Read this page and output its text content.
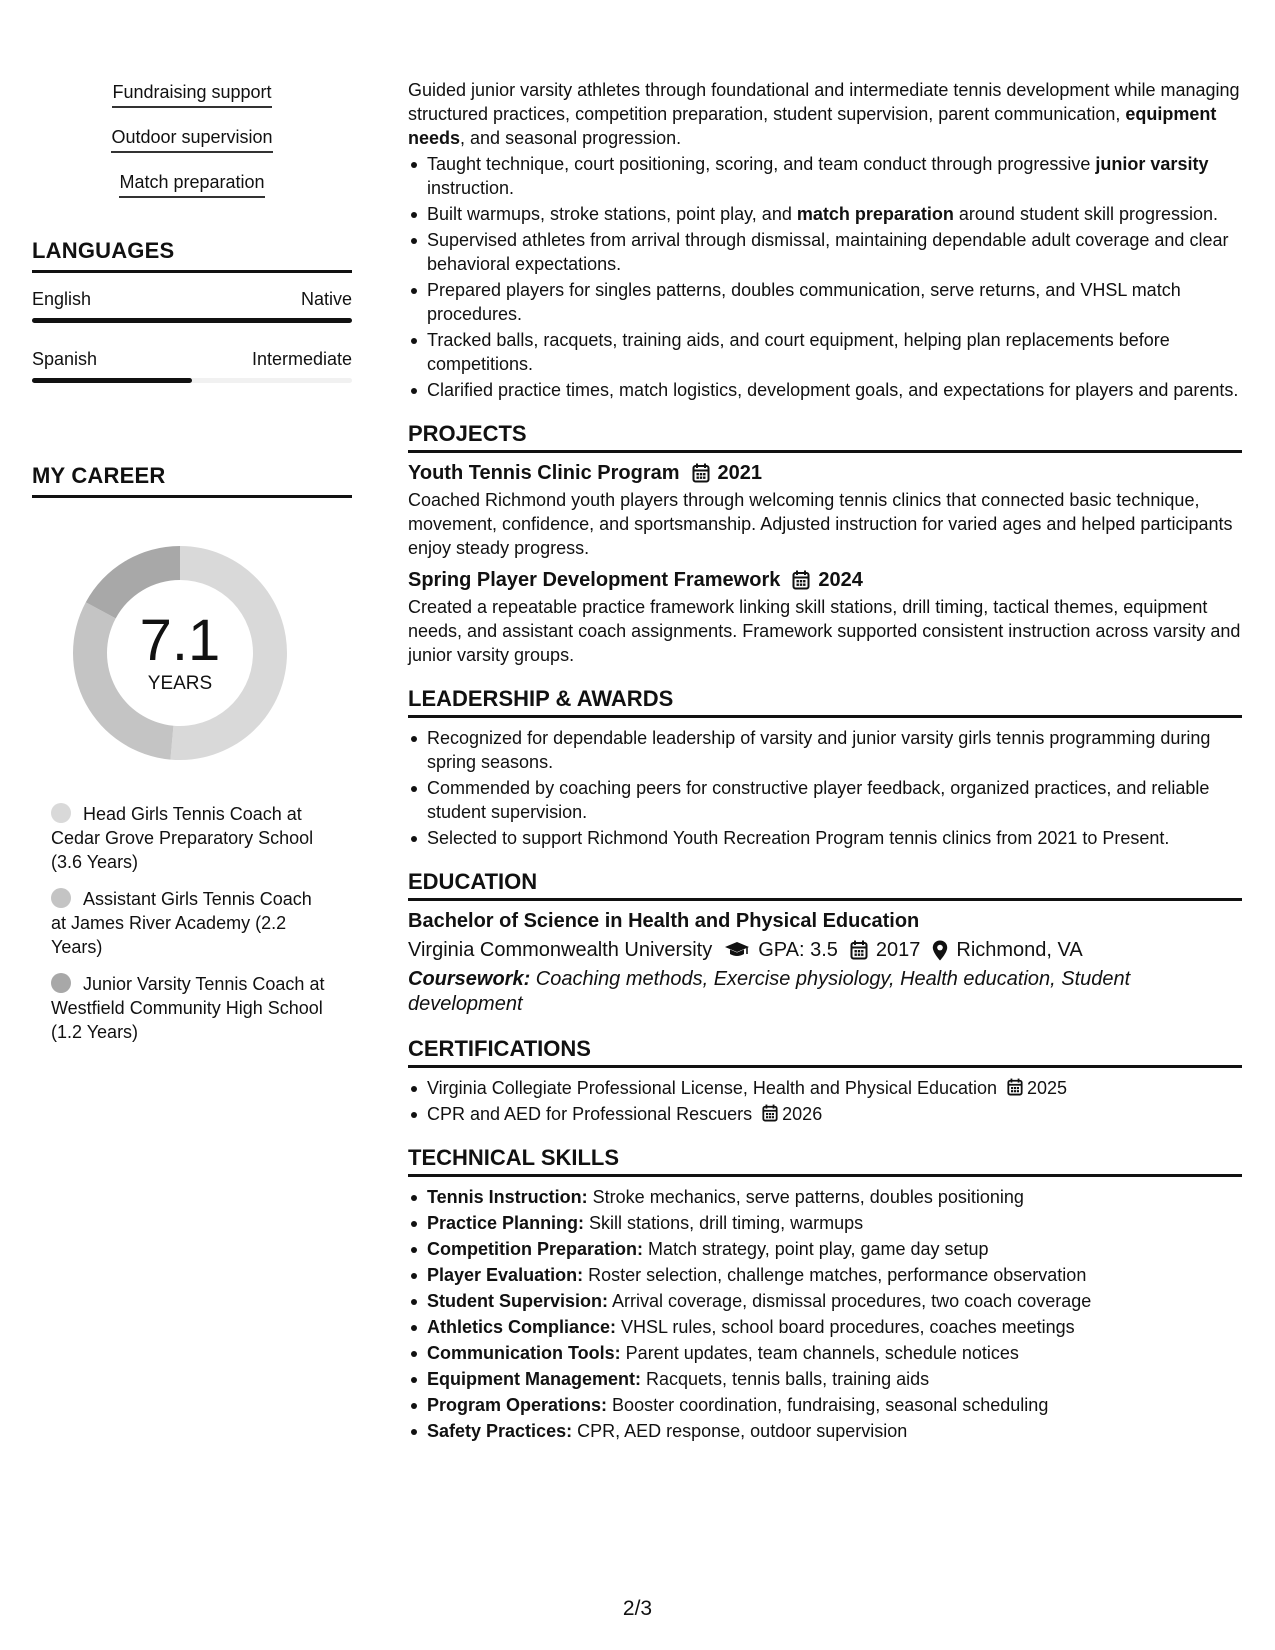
Fundraising support
Outdoor supervision
Match preparation
LANGUAGES
English	Native
Spanish	Intermediate
MY CAREER
7.1
YEARS
Head Girls Tennis Coach at Cedar Grove Preparatory School (3.6 Years)
Assistant Girls Tennis Coach at James River Academy (2.2 Years)
Junior Varsity Tennis Coach at Westfield Community High School (1.2 Years)
Guided junior varsity athletes through foundational and intermediate tennis development while managing structured practices, competition preparation, student supervision, parent communication, equipment needs, and seasonal progression.
Taught technique, court positioning, scoring, and team conduct through progressive junior varsity instruction.
Built warmups, stroke stations, point play, and match preparation around student skill progression.
Supervised athletes from arrival through dismissal, maintaining dependable adult coverage and clear behavioral expectations.
Prepared players for singles patterns, doubles communication, serve returns, and VHSL match procedures.
Tracked balls, racquets, training aids, and court equipment, helping plan replacements before competitions.
Clarified practice times, match logistics, development goals, and expectations for players and parents.
PROJECTS
Youth Tennis Clinic Program 2021
Coached Richmond youth players through welcoming tennis clinics that connected basic technique, movement, confidence, and sportsmanship. Adjusted instruction for varied ages and helped participants enjoy steady progress.
Spring Player Development Framework 2024
Created a repeatable practice framework linking skill stations, drill timing, tactical themes, equipment needs, and assistant coach assignments. Framework supported consistent instruction across varsity and junior varsity groups.
LEADERSHIP & AWARDS
Recognized for dependable leadership of varsity and junior varsity girls tennis programming during spring seasons.
Commended by coaching peers for constructive player feedback, organized practices, and reliable student supervision.
Selected to support Richmond Youth Recreation Program tennis clinics from 2021 to Present.
EDUCATION
Bachelor of Science in Health and Physical Education
Virginia Commonwealth University GPA: 3.5 2017 Richmond, VA
Coursework: Coaching methods, Exercise physiology, Health education, Student development
CERTIFICATIONS
Virginia Collegiate Professional License, Health and Physical Education 2025
CPR and AED for Professional Rescuers 2026
TECHNICAL SKILLS
Tennis Instruction: Stroke mechanics, serve patterns, doubles positioning
Practice Planning: Skill stations, drill timing, warmups
Competition Preparation: Match strategy, point play, game day setup
Player Evaluation: Roster selection, challenge matches, performance observation
Student Supervision: Arrival coverage, dismissal procedures, two coach coverage
Athletics Compliance: VHSL rules, school board procedures, coaches meetings
Communication Tools: Parent updates, team channels, schedule notices
Equipment Management: Racquets, tennis balls, training aids
Program Operations: Booster coordination, fundraising, seasonal scheduling
Safety Practices: CPR, AED response, outdoor supervision
2/3
